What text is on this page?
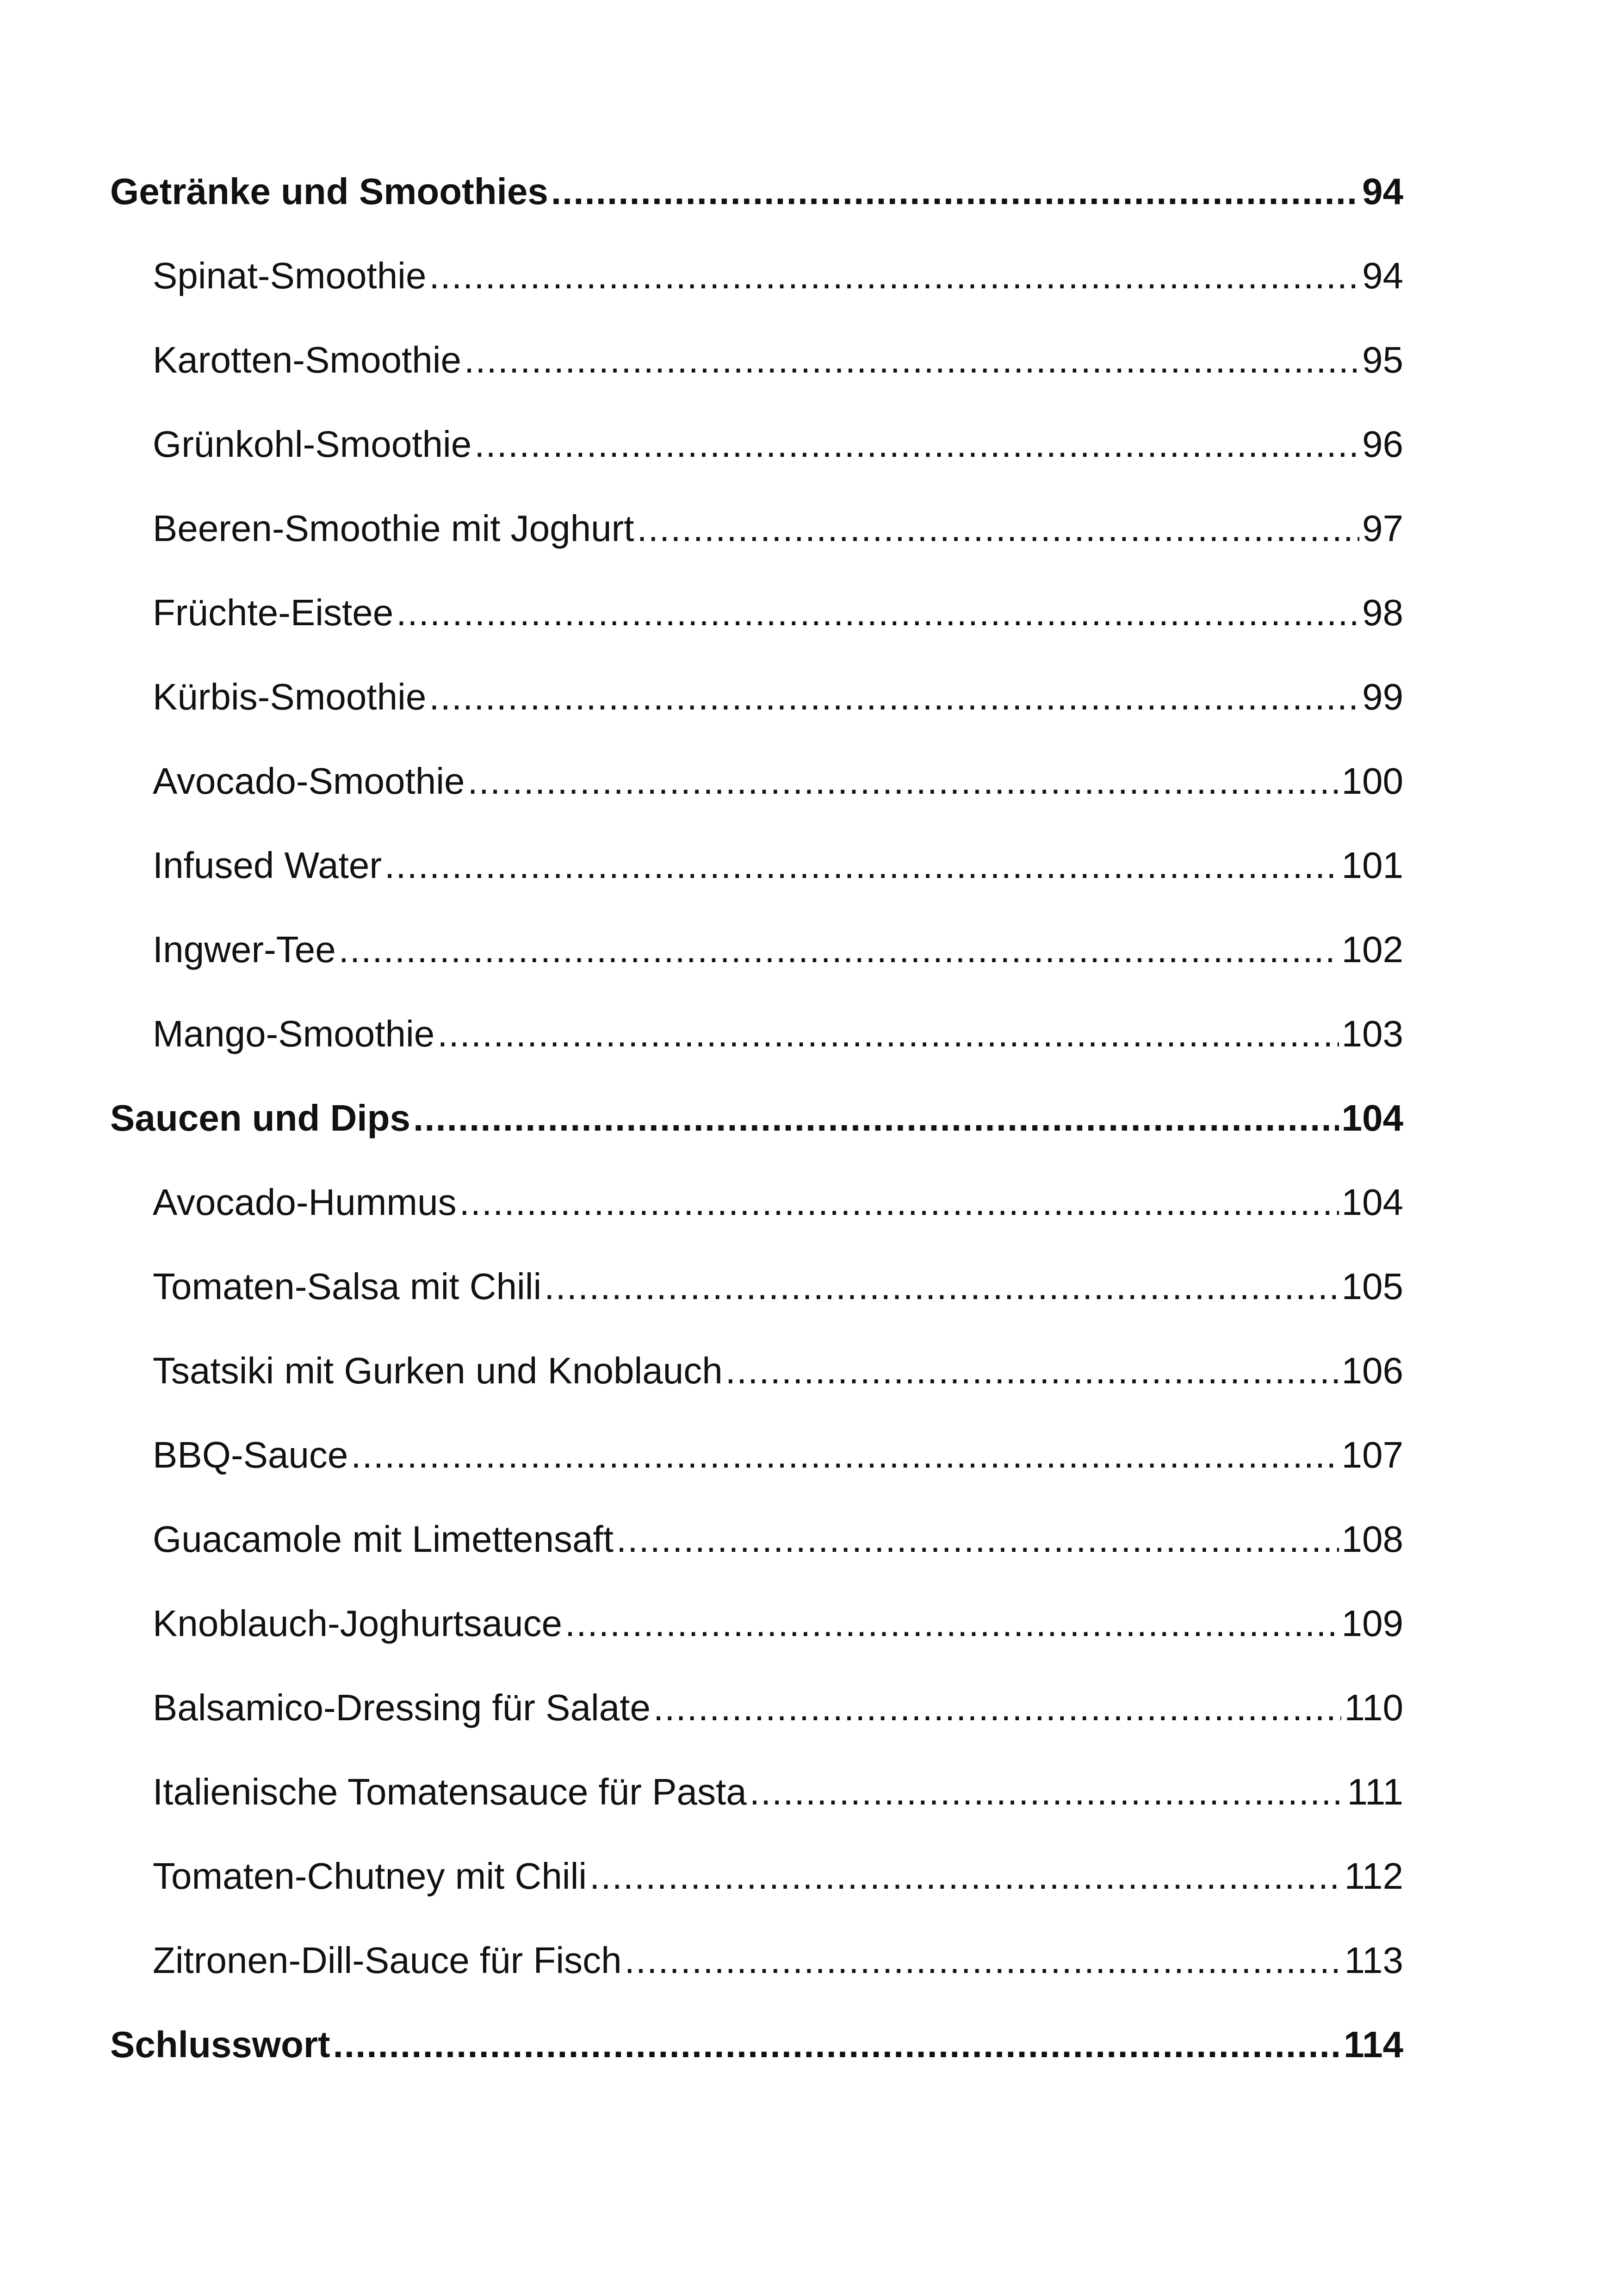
Getränke und Smoothies .....	94
Spinat-Smoothie .....	94
Karotten-Smoothie .....	95
Grünkohl-Smoothie .....	96
Beeren-Smoothie mit Joghurt .....	97
Früchte-Eistee .....	98
Kürbis-Smoothie .....	99
Avocado-Smoothie .....	100
Infused Water .....	101
Ingwer-Tee .....	102
Mango-Smoothie .....	103
Saucen und Dips .....	104
Avocado-Hummus .....	104
Tomaten-Salsa mit Chili .....	105
Tsatsiki mit Gurken und Knoblauch .....	106
BBQ-Sauce .....	107
Guacamole mit Limettensaft .....	108
Knoblauch-Joghurtsauce .....	109
Balsamico-Dressing für Salate .....	110
Italienische Tomatensauce für Pasta .....	111
Tomaten-Chutney mit Chili .....	112
Zitronen-Dill-Sauce für Fisch .....	113
Schlusswort .....	114
